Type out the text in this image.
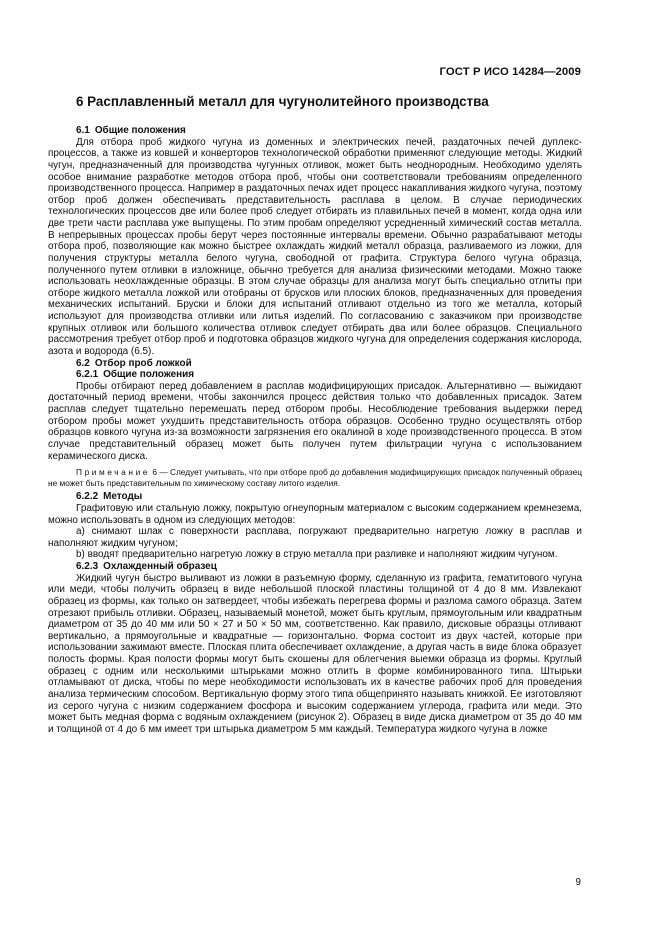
ГОСТ Р ИСО 14284—2009
6 Расплавленный металл для чугунолитейного производства
6.1 Общие положения

Для отбора проб жидкого чугуна из доменных и электрических печей, раздаточных печей дуплекс-процессов, а также из ковшей и конверторов технологической обработки применяют следующие методы. Жидкий чугун, предназначенный для производства чугунных отливок, может быть неоднородным. Необходимо уделять особое внимание разработке методов отбора проб, чтобы они соответствовали требованиям определенного производственного процесса. Например в раздаточных печах идет процесс накапливания жидкого чугуна, поэтому отбор проб должен обеспечивать представительность расплава в целом. В случае периодических технологических процессов две или более проб следует отбирать из плавильных печей в момент, когда одна или две трети части расплава уже выпущены. По этим пробам определяют усредненный химический состав металла. В непрерывных процессах пробы берут через постоянные интервалы времени. Обычно разрабатывают методы отбора проб, позволяющие как можно быстрее охлаждать жидкий металл образца, разливаемого из ложки, для получения структуры металла белого чугуна, свободной от графита. Структура белого чугуна образца, полученного путем отливки в изложнице, обычно требуется для анализа физическими методами. Можно также использовать неохлажденные образцы. В этом случае образцы для анализа могут быть специально отлиты при отборе жидкого металла ложкой или отобраны от брусков или плоских блоков, предназначенных для проведения механических испытаний. Бруски и блоки для испытаний отливают отдельно из того же металла, который используют для производства отливки или литья изделий. По согласованию с заказчиком при производстве крупных отливок или большого количества отливок следует отбирать два или более образцов. Специального рассмотрения требует отбор проб и подготовка образцов жидкого чугуна для определения содержания кислорода, азота и водорода (6.5).

6.2 Отбор проб ложкой
6.2.1 Общие положения

Пробы отбирают перед добавлением в расплав модифицирующих присадок. Альтернативно — выжидают достаточный период времени, чтобы закончился процесс действия только что добавленных присадок. Затем расплав следует тщательно перемешать перед отбором пробы. Несоблюдение требования выдержки перед отбором пробы может ухудшить представительность отбора образцов. Особенно трудно осуществлять отбор образцов ковкого чугуна из-за возможности загрязнения его окалиной в ходе производственного процесса. В этом случае представительный образец может быть получен путем фильтрации чугуна с использованием керамического диска.

Примечание 6 — Следует учитывать, что при отборе проб до добавления модифицирующих присадок полученный образец не может быть представительным по химическому составу литого изделия.

6.2.2 Методы

Графитовую или стальную ложку, покрытую огнеупорным материалом с высоким содержанием кремнезема, можно использовать в одном из следующих методов:

а) снимают шлак с поверхности расплава, погружают предварительно нагретую ложку в расплав и наполняют жидким чугуном;

b) вводят предварительно нагретую ложку в струю металла при разливке и наполняют жидким чугуном.

6.2.3 Охлажденный образец

Жидкий чугун быстро выливают из ложки в разъемную форму, сделанную из графита, гематитового чугуна или меди, чтобы получить образец в виде небольшой плоской пластины толщиной от 4 до 8 мм. Извлекают образец из формы, как только он затвердеет, чтобы избежать перегрева формы и разлома самого образца. Затем отрезают прибыль отливки. Образец, называемый монетой, может быть круглым, прямоугольным или квадратным диаметром от 35 до 40 мм или 50 × 27 и 50 × 50 мм, соответственно. Как правило, дисковые образцы отливают вертикально, а прямоугольные и квадратные — горизонтально. Форма состоит из двух частей, которые при использовании зажимают вместе. Плоская плита обеспечивает охлаждение, а другая часть в виде блока образует полость формы. Края полости формы могут быть скошены для облегчения выемки образца из формы. Круглый образец с одним или несколькими штырьками можно отлить в форме комбинированного типа. Штырьки отламывают от диска, чтобы по мере необходимости использовать их в качестве рабочих проб для проведения анализа термическим способом. Вертикальную форму этого типа общепринято называть книжкой. Ее изготовляют из серого чугуна с низким содержанием фосфора и высоким содержанием углерода, графита или меди. Это может быть медная форма с водяным охлаждением (рисунок 2). Образец в виде диска диаметром от 35 до 40 мм и толщиной от 4 до 6 мм имеет три штырька диаметром 5 мм каждый. Температура жидкого чугуна в ложке

9
